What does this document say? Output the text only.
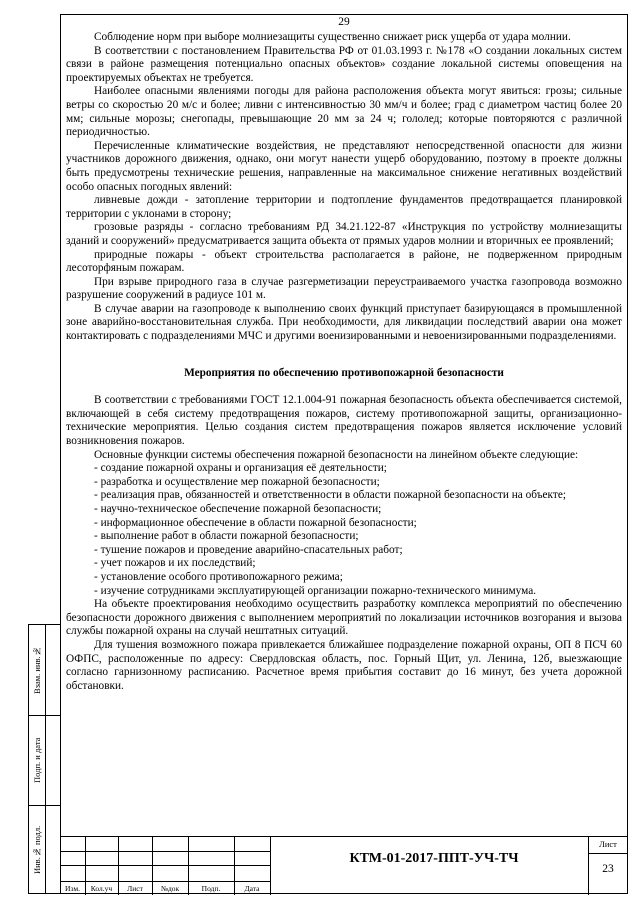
29

Соблюдение норм при выборе молниезащиты существенно снижает риск ущерба от удара молнии.

В соответствии с постановлением Правительства РФ от 01.03.1993 г. №178 «О создании локальных систем связи в районе размещения потенциально опасных объектов» создание локальной системы оповещения на проектируемых объектах не требуется.

Наиболее опасными явлениями погоды для района расположения объекта могут явиться: грозы; сильные ветры со скоростью 20 м/с и более; ливни с интенсивностью 30 мм/ч и более; град с диаметром частиц более 20 мм; сильные морозы; снегопады, превышающие 20 мм за 24 ч; гололед; которые повторяются с различной периодичностью.

Перечисленные климатические воздействия, не представляют непосредственной опасности для жизни участников дорожного движения, однако, они могут нанести ущерб оборудованию, поэтому в проекте должны быть предусмотрены технические решения, направленные на максимальное снижение негативных воздействий особо опасных погодных явлений:

ливневые дожди - затопление территории и подтопление фундаментов предотвращается планировкой территории с уклонами в сторону;

грозовые разряды - согласно требованиям РД 34.21.122-87 «Инструкция по устройству молниезащиты зданий и сооружений» предусматривается защита объекта от прямых ударов молнии и вторичных ее проявлений;

природные пожары - объект строительства располагается в районе, не подверженном природным лесоторфяным пожарам.

При взрыве природного газа в случае разгерметизации переустраиваемого участка газопровода возможно разрушение сооружений в радиусе 101 м.

В случае аварии на газопроводе к выполнению своих функций приступает базирующаяся в промышленной зоне аварийно-восстановительная служба. При необходимости, для ликвидации последствий аварии она может контактировать с подразделениями МЧС и другими военизированными и невоенизированными подразделениями.

Мероприятия по обеспечению противопожарной безопасности

В соответствии с требованиями ГОСТ 12.1.004-91 пожарная безопасность объекта обеспечивается системой, включающей в себя систему предотвращения пожаров, систему противопожарной защиты, организационно-технические мероприятия. Целью создания систем предотвращения пожаров является исключение условий возникновения пожаров.

Основные функции системы обеспечения пожарной безопасности на линейном объекте следующие:

- создание пожарной охраны и организация её деятельности;

- разработка и осуществление мер пожарной безопасности;

- реализация прав, обязанностей и ответственности в области пожарной безопасности на объекте;

- научно-техническое обеспечение пожарной безопасности;

- информационное обеспечение в области пожарной безопасности;

- выполнение работ в области пожарной безопасности;

- тушение пожаров и проведение аварийно-спасательных работ;

- учет пожаров и их последствий;

- установление особого противопожарного режима;

- изучение сотрудниками эксплуатирующей организации пожарно-технического минимума.

На объекте проектирования необходимо осуществить разработку комплекса мероприятий по обеспечению безопасности дорожного движения с выполнением мероприятий по локализации источников возгорания и вызова службы пожарной охраны на случай нештатных ситуаций.

Для тушения возможного пожара привлекается ближайшее подразделение пожарной охраны, ОП 8 ПСЧ 60 ОФПС, расположенные по адресу: Свердловская область, пос. Горный Щит, ул. Ленина, 12б, выезжающие согласно гарнизонному расписанию. Расчетное время прибытия составит до 16 минут, без учета дорожной обстановки.

Взам. инв.№
Подп. и дата
Инв.№ подл.
Изм.	Кол.уч	Лист	№док	Подп.	Дата
КТМ-01-2017-ППТ-УЧ-ТЧ
Лист
23
